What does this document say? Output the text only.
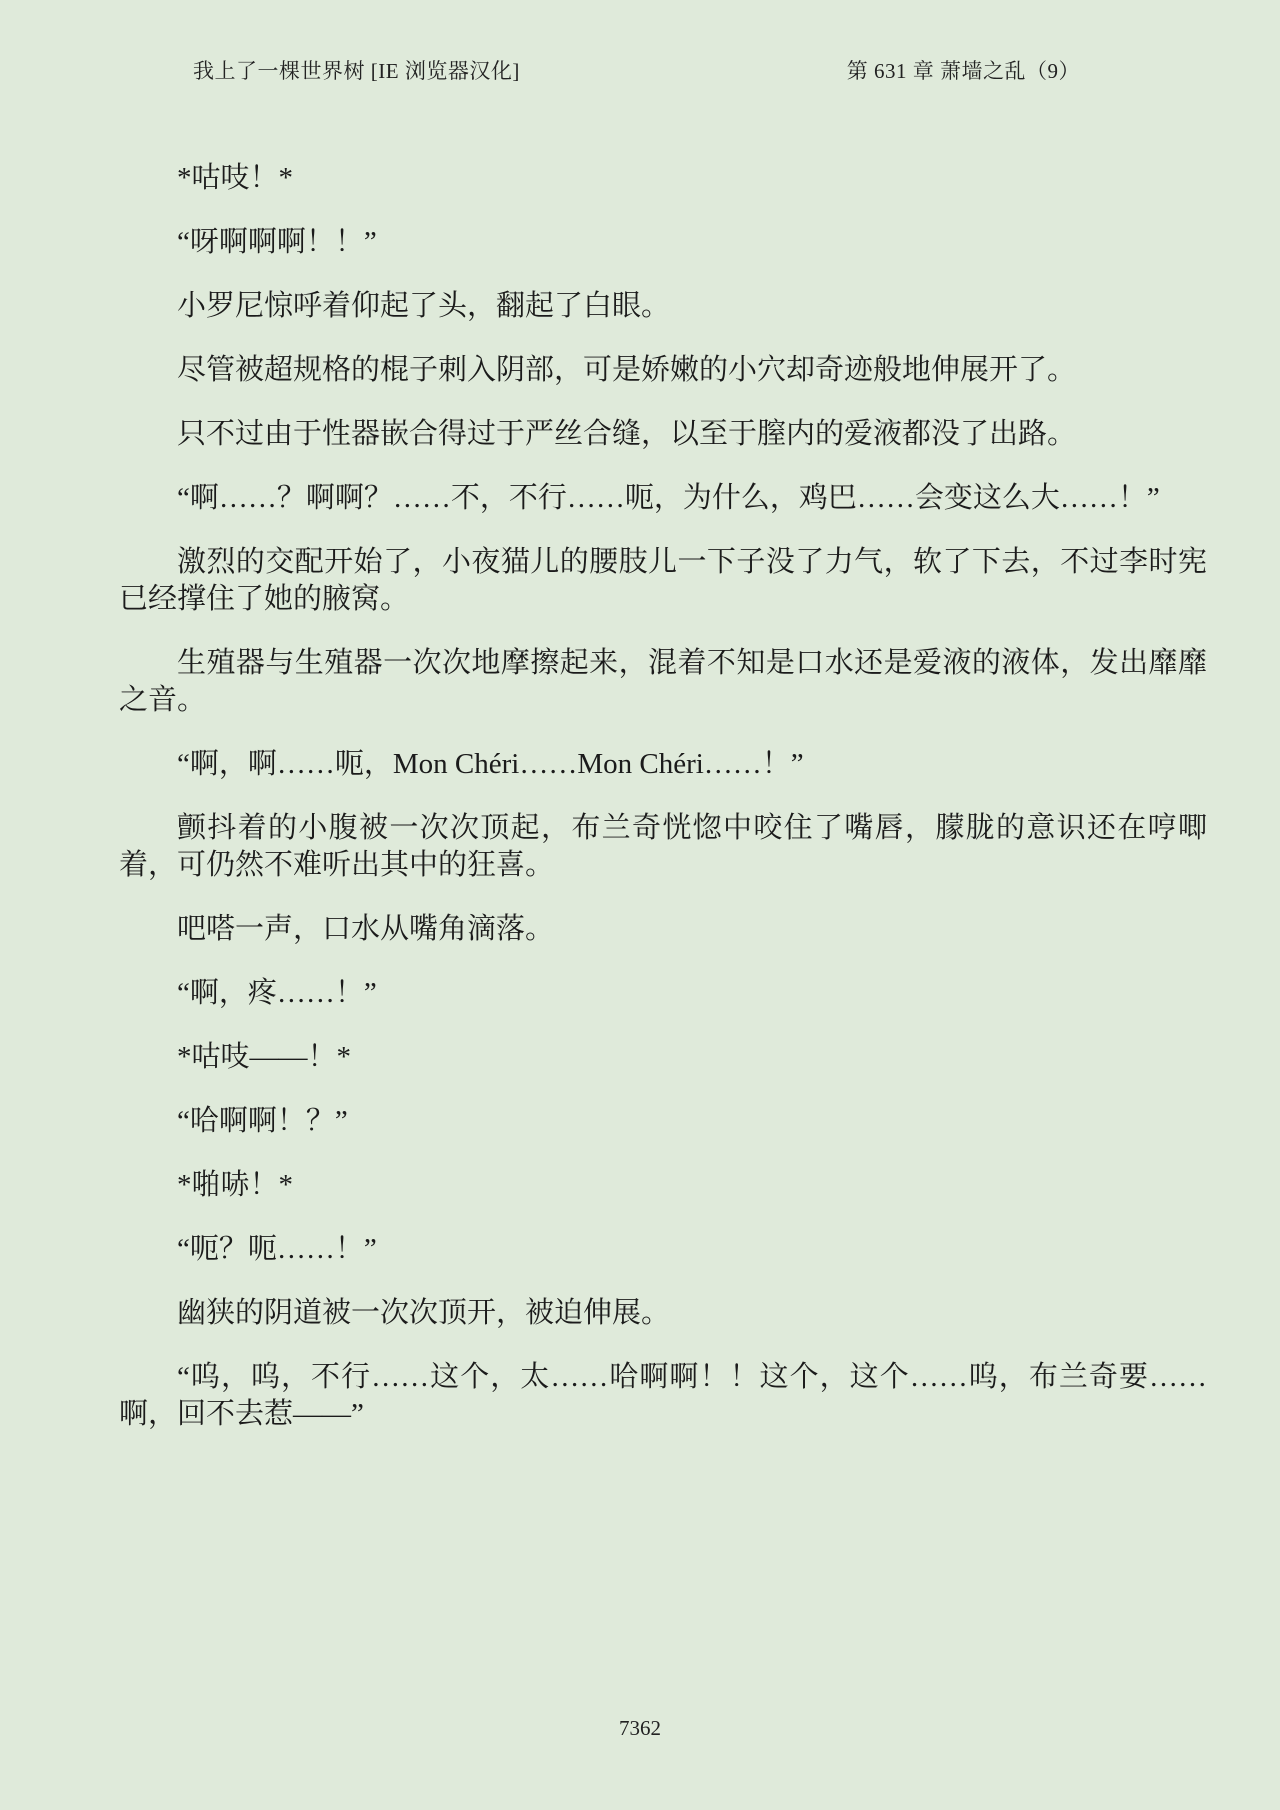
我上了一棵世界树 [IE 浏览器汉化]	第 631 章 萧墙之乱（9）

*咕吱！*

“呀啊啊啊！！”

小罗尼惊呼着仰起了头，翻起了白眼。

尽管被超规格的棍子刺入阴部，可是娇嫩的小穴却奇迹般地伸展开了。

只不过由于性器嵌合得过于严丝合缝，以至于膣内的爱液都没了出路。

“啊……？啊啊？……不，不行……呃，为什么，鸡巴……会变这么大……！”

激烈的交配开始了，小夜猫儿的腰肢儿一下子没了力气，软了下去，不过李时宪已经撑住了她的腋窝。

生殖器与生殖器一次次地摩擦起来，混着不知是口水还是爱液的液体，发出靡靡之音。

“啊，啊……呃，Mon Chéri……Mon Chéri……！”

颤抖着的小腹被一次次顶起，布兰奇恍惚中咬住了嘴唇，朦胧的意识还在哼唧着，可仍然不难听出其中的狂喜。

吧嗒一声，口水从嘴角滴落。

“啊，疼……！”

*咕吱——！*

“哈啊啊！？”

*啪哧！*

“呃？呃……！”

幽狭的阴道被一次次顶开，被迫伸展。

“呜，呜，不行……这个，太……哈啊啊！！这个，这个……呜，布兰奇要……啊，回不去惹——”

7362
